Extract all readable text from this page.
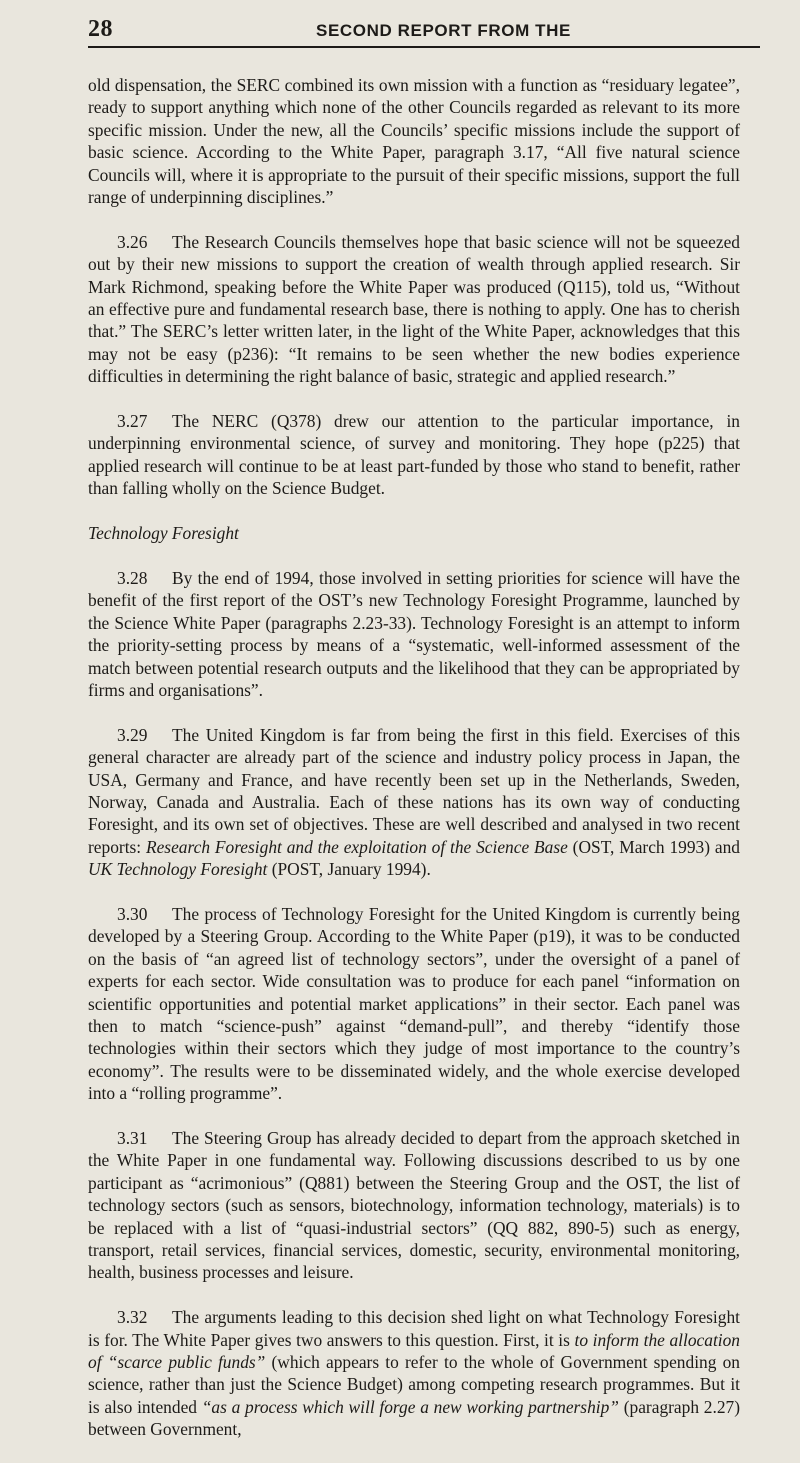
28	SECOND REPORT FROM THE

old dispensation, the SERC combined its own mission with a function as “residuary legatee”, ready to support anything which none of the other Councils regarded as relevant to its more specific mission. Under the new, all the Councils’ specific missions include the support of basic science. According to the White Paper, paragraph 3.17, “All five natural science Councils will, where it is appropriate to the pursuit of their specific missions, support the full range of underpinning disciplines.”

3.26 The Research Councils themselves hope that basic science will not be squeezed out by their new missions to support the creation of wealth through applied research. Sir Mark Richmond, speaking before the White Paper was produced (Q115), told us, “Without an effective pure and fundamental research base, there is nothing to apply. One has to cherish that.” The SERC’s letter written later, in the light of the White Paper, acknowledges that this may not be easy (p236): “It remains to be seen whether the new bodies experience difficulties in determining the right balance of basic, strategic and applied research.”

3.27 The NERC (Q378) drew our attention to the particular importance, in underpinning environmental science, of survey and monitoring. They hope (p225) that applied research will continue to be at least part-funded by those who stand to benefit, rather than falling wholly on the Science Budget.

Technology Foresight

3.28 By the end of 1994, those involved in setting priorities for science will have the benefit of the first report of the OST’s new Technology Foresight Programme, launched by the Science White Paper (paragraphs 2.23-33). Technology Foresight is an attempt to inform the priority-setting process by means of a “systematic, well-informed assessment of the match between potential research outputs and the likelihood that they can be appropriated by firms and organisations”.

3.29 The United Kingdom is far from being the first in this field. Exercises of this general character are already part of the science and industry policy process in Japan, the USA, Germany and France, and have recently been set up in the Netherlands, Sweden, Norway, Canada and Australia. Each of these nations has its own way of conducting Foresight, and its own set of objectives. These are well described and analysed in two recent reports: Research Foresight and the exploitation of the Science Base (OST, March 1993) and UK Technology Foresight (POST, January 1994).

3.30 The process of Technology Foresight for the United Kingdom is currently being developed by a Steering Group. According to the White Paper (p19), it was to be conducted on the basis of “an agreed list of technology sectors”, under the oversight of a panel of experts for each sector. Wide consultation was to produce for each panel “information on scientific opportunities and potential market applications” in their sector. Each panel was then to match “science-push” against “demand-pull”, and thereby “identify those technologies within their sectors which they judge of most importance to the country’s economy”. The results were to be disseminated widely, and the whole exercise developed into a “rolling programme”.

3.31 The Steering Group has already decided to depart from the approach sketched in the White Paper in one fundamental way. Following discussions described to us by one participant as “acrimonious” (Q881) between the Steering Group and the OST, the list of technology sectors (such as sensors, biotechnology, information technology, materials) is to be replaced with a list of “quasi-industrial sectors” (QQ 882, 890-5) such as energy, transport, retail services, financial services, domestic, security, environmental monitoring, health, business processes and leisure.

3.32 The arguments leading to this decision shed light on what Technology Foresight is for. The White Paper gives two answers to this question. First, it is to inform the allocation of “scarce public funds” (which appears to refer to the whole of Government spending on science, rather than just the Science Budget) among competing research programmes. But it is also intended “as a process which will forge a new working partnership” (paragraph 2.27) between Government,
